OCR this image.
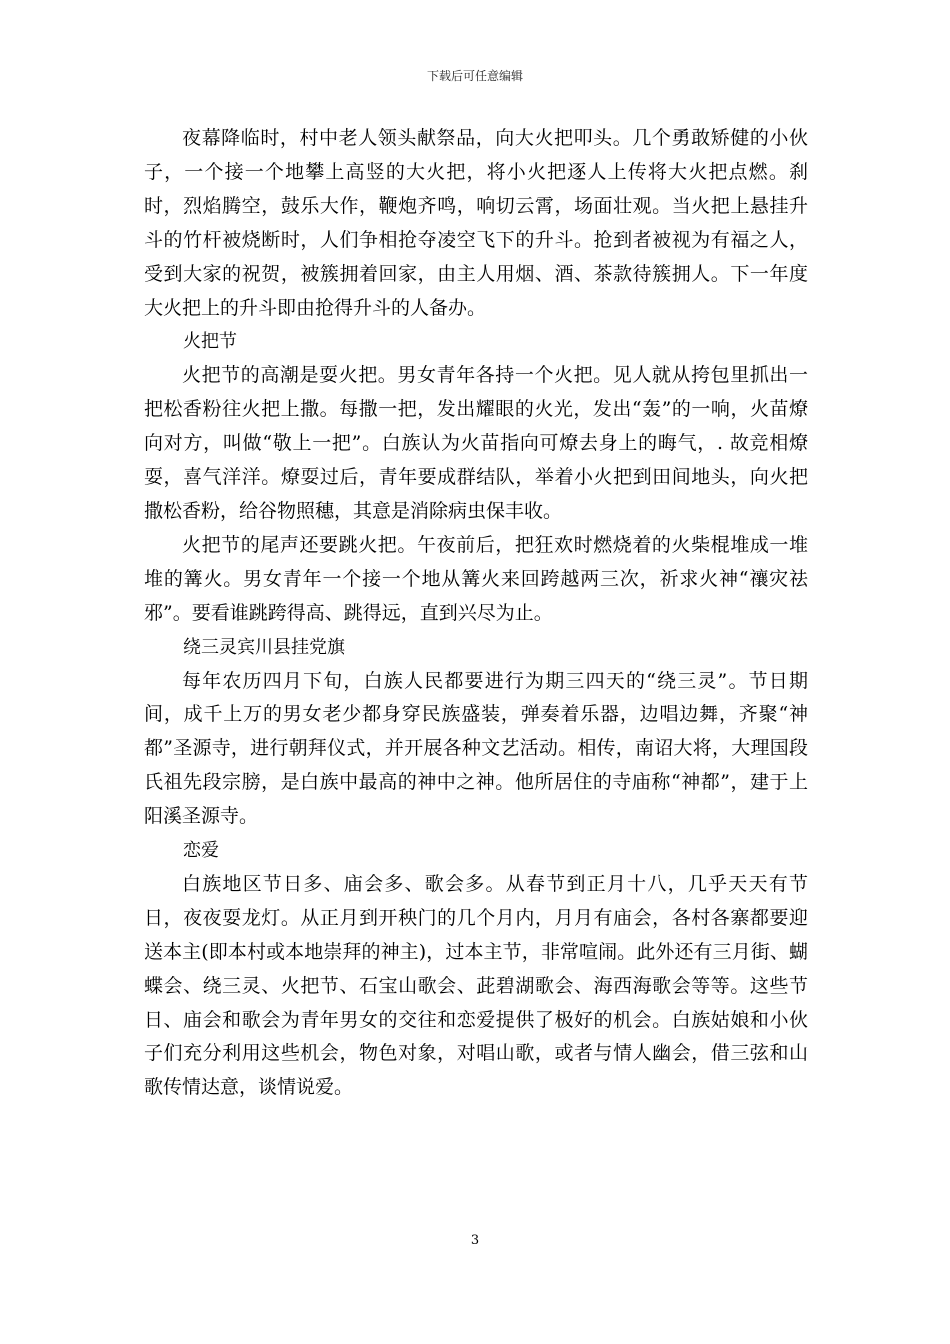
下载后可任意编辑

夜幕降临时，村中老人领头献祭品，向大火把叩头。几个勇敢矫健的小伙子，一个接一个地攀上高竖的大火把，将小火把逐人上传将大火把点燃。刹时，烈焰腾空，鼓乐大作，鞭炮齐鸣，响切云霄，场面壮观。当火把上悬挂升斗的竹杆被烧断时，人们争相抢夺凌空飞下的升斗。抢到者被视为有福之人，受到大家的祝贺，被簇拥着回家，由主人用烟、酒、茶款待簇拥人。下一年度大火把上的升斗即由抢得升斗的人备办。

火把节

火把节的高潮是耍火把。男女青年各持一个火把。见人就从挎包里抓出一把松香粉往火把上撒。每撒一把，发出耀眼的火光，发出“轰”的一响，火苗燎向对方，叫做“敬上一把”。白族认为火苗指向可燎去身上的晦气，. 故竞相燎耍，喜气洋洋。燎耍过后，青年要成群结队，举着小火把到田间地头，向火把撒松香粉，给谷物照穗，其意是消除病虫保丰收。

火把节的尾声还要跳火把。午夜前后，把狂欢时燃烧着的火柴棍堆成一堆堆的篝火。男女青年一个接一个地从篝火来回跨越两三次，祈求火神“禳灾祛邪”。要看谁跳跨得高、跳得远，直到兴尽为止。

绕三灵宾川县挂党旗

每年农历四月下旬，白族人民都要进行为期三四天的“绕三灵”。节日期间，成千上万的男女老少都身穿民族盛装，弹奏着乐器，边唱边舞，齐聚“神都”圣源寺，进行朝拜仪式，并开展各种文艺活动。相传，南诏大将，大理国段氏祖先段宗膀，是白族中最高的神中之神。他所居住的寺庙称“神都”，建于上阳溪圣源寺。

恋爱

白族地区节日多、庙会多、歌会多。从春节到正月十八，几乎天天有节日，夜夜耍龙灯。从正月到开秧门的几个月内，月月有庙会，各村各寨都要迎送本主(即本村或本地崇拜的神主)，过本主节，非常喧闹。此外还有三月街、蝴蝶会、绕三灵、火把节、石宝山歌会、茈碧湖歌会、海西海歌会等等。这些节日、庙会和歌会为青年男女的交往和恋爱提供了极好的机会。白族姑娘和小伙子们充分利用这些机会，物色对象，对唱山歌，或者与情人幽会，借三弦和山歌传情达意，谈情说爱。

3
